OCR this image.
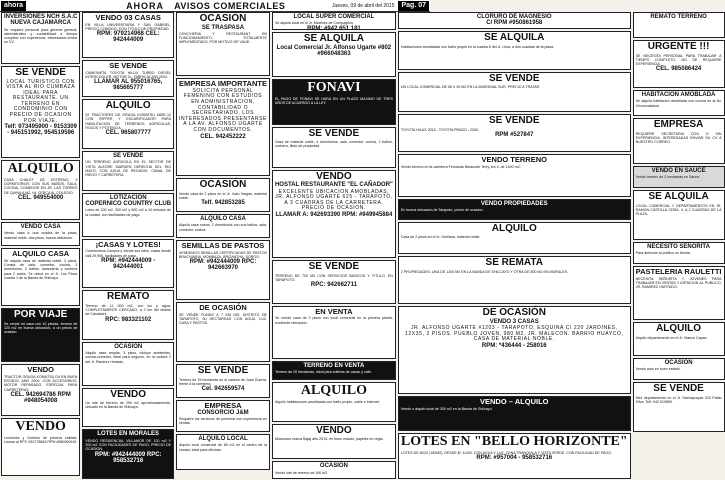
ahora	AHORA AVISOS COMERCIALES	Jueves, 09 de abril del 2015	Pag. 07
INVERSIONES NCH S.A.C
NUEVA CAJAMARCA
Se requiere personal para gerente general, administrativo y contabilidad a tiempo completo con experiencia, interesados enviar su CV.
SE VENDE
LOCAL TURISTICO CON VISTA AL RIO CUMBAZA IDEAL PARA RESTAURANTE. UN TERRENO EN CONDOMINIO CON PRECIO DE OCASION POR VIAJE.
Telf: 973495900 - 9153309 - 945151992, 954519596
ALQUILO
CASA CHALET DE ESTRENO, 3 DORMITORIOS CON SUS BAÑOS, SALA, COCINA, COMEDOR EN JR. LAS TORRES DE QUINILA MZ. HL CERCA AL COLEGIO.
CEL. 949554000
VENDO CASA
Vendo casa a una cuadra de la plaza, material noble, dos pisos, buena ubicacion.
ALQUILO CASA
Se alquila casa de material noble, 2 pisos. Consta de sala, comedor, cocina, 3 dormitorios, 2 baños, lavanderia y cochera para 2 autos. Se ubica en el Jr. Los Pinos cuadra 1 de la Banda de Shilcayo.
POR VIAJE
Se vende mi casa con 10 piezas, terreno de 120 m2 en buena ubicacion, a un precio de ocasion.
VENDO
TRACTOR ORUGA KOMATSU D4 EN BUEN ESTADO, ANO 2009, CON ACCESORIOS, MOTOR REPARADO. ESPECIAL PARA CARRETERAS.
CEL. 942694786 RPM #948054008
VENDO
Lechones y Gorritos de primera calidad. Llamar al RPC 991778863 RPM #980060915
VENDO 03 CASAS
EN VILLA UNIVERSITARIA Y SAN GABRIEL, PRECIO COMODO, CON TITULO DE PROPIEDAD.
RPM: 979214968 CEL: 942444009
SE VENDE
CAMIONETA TOYOTA HILUX TURBO DIESEL INTERCOOLER, MOTOR 3L, FABRICACION 2003.
LLAMAR AL 955016765, 985665777
ALQUILO
02 TRACTORES DE ORUGA KOMATSU D65E-12 CON RIPPER Y ESCARIFICADOR PARA HABILITACION DE TERRENOS AGRICOLAS, ROZOS Y POTENCIA.
CEL. 965807777
SE VENDE
UN TERRENO AGRICOLA EN EL SECTOR DE VISTA ALEGRE MARGEN DERECHA DEL RIO MAYO, CON AGUA DE REGADIO, CANAL DE RIEGO Y CARRETERA.
LOTIZACION
COPERNICO COUNTRY CLUB
Lotes de 200 m2, 300 m2 y 500 m2 a 10 minutos de la ciudad, con facilidades de pago.
¡CASAS Y LOTES!
Construimos Compra y Vende sus lotes, casas desde us$ 29,900, facilidades de pago.
RPM: #942444009 - 942444001
REMATO
Terreno de 11 000 m2, con luz y agua, COMPLETAMENTE CERCADO, a 2 km del distrito de Cacatachi.
RPC: 983321102
OCASION
Alquilo casa amplia, 3 pisos, incluye ambientes, cocina-comedor, ideal para negocio, en la cuadra 2 del Jr. Ramirez Hurtado.
VENDO
Un lote de terreno de 290 m2 aproximadamente, ubicado en la Banda de Shilcayo.
LOTES EN MORALES
VENDO RESIDENCIAL VILLAMOR DE 120 m2 Y 200 m2 CON FACILIDADES DE PAGO, PRECIO DE OCASION.
RPM: #942444009 RPC: 958532716
OCASIÓN
SE TRASPASA
CEVICHERIA Y RESTAURANT EN FUNCIONAMIENTO, TOTALMENTE IMPLEMENTADO, POR MOTIVO DE VIAJE.
EMPRESA IMPORTANTE
SOLICITA PERSONAL FEMENINO CON ESTUDIOS EN ADMINISTRACION, CONTABILIDAD O SECRETARIADO. LOS INTERESADOS PRESENTARSE A LA AV. ALFONSO UGARTE CON DOCUMENTOS.
CEL. 942452222
OCASIÓN
Vendo casa de 2 pisos en el Jr. Juan Vargas, material noble.
Telf. 942853285
ALQUILO CASA
Alquilo casa nueva, 2 dormitorios con sus baños, sala, comedor, cocina.
SEMILLAS DE PASTOS
VENDEMOS SEMILLAS CERTIFICADAS DE PASTOS BRACHIARIA, MOMBAZA, BRIZANTHA, SORGO.
RPM: #942444009 RPC: 942663970
DE OCASIÓN
SE VENDE FUNDO A 7 KM DEL DISTRITO DE TARAPOTO, 50 HECTAREAS CON AGUA, LUZ, CASA Y PASTOS.
SE VENDE
Terreno de 15 hectareas en el caserio de Juan Guerra, frente a la carretera.
Cel. 942659574
EMPRESA
CONSORCIO J&M
Requiere los servicios de personal con experiencia en ventas.
ALQUILO LOCAL
Alquilo local comercial de 80 m2 en el centro de la ciudad, ideal para oficinas.
LOCAL SUPER COMERCIAL
Se alquila local en el Jr. Martinez de Compagñon.
RPM: #942 651 181
SE ALQUILA
Local Comercial Jr. Alfonso Ugarte #802
#966048363
FONAVI
EL PAGO DE FONAVI SE HARA EN UN PLAZO MAXIMO DE TRES AÑOS DE ACUERDO A LA LEY.
SE VENDE
Casa de material noble, 4 dormitorios, sala, comedor, cocina, 2 baños, cochera, titulo de propiedad.
VENDO
HOSTAL RESTAURANTE "EL CAÑADOR"
EXCELENTE UBICACION AMOBLADAS, JR. ALFONSO UGARTE 625 - TARAPOTO, A 3 CUADRAS DE LA CARRETERA. PRECIO DE OCASION.
LLAMAR A: 942693390 RPM: #949945884
SE VENDE
TERRENO DE 700 M2 CON SERVICIOS BASICOS Y TITULO, EN TARAPOTO.
RPC: 942662711
EN VENTA
Se vende casa de 2 pisos con local comercial en la primera planta, excelente ubicacion.
TERRENO EN VENTA
Terreno de 20 hectareas, ideal para cultivos de cacao y cafe.
ALQUILO
Alquilo habitaciones amobladas con baño propio, cable e internet.
VENDO
Motocarro marca Bajaj año 2014, en buen estado, papeles en regla.
OCASIÓN
Vendo lote de terreno de 160 m2.
CLORURO DE MAGNESIO
C/ RPM #950861958
SE ALQUILA
Habitaciones amobladas con baño propio en la cuadra 6 del Jr. Lima, a dos cuadras de la plaza.
SE VENDE
UN LOCAL COMERCIAL DE 08 X 30 M2 EN LA MARGINAL SUR, PRECIO A TRATAR.
SE VENDE
TOYOTA HILUX 2010 - TOYOTA PRADO - 2000.
RPM #527847
VENDO TERRENO
Vendo terreno en la carretera Fernando Belaunde Terry, km 4, de 1400 m2.
VENDO PROPIEDADES
En buena ubicacion de Tarapoto, precio de ocasion.
ALQUILO
Casa de 2 pisos en el Jr. Orellana, material noble.
SE REMATA
2 PROPIEDADES: UNA DE 1200 M2 EN LA BANDA DE SHILCAYO Y OTRA DE 800 M2 EN MORALES.
DE OCASIÓN
VENDO 3 CASAS
JR. ALFONSO UGARTE #1203 - TARAPOTO, ESQUINA C/ 220 JARDINES, 12X35, 2 PISOS. PUEBLO JOVEN, 980 M2. JR. MALECON. BARRIO HUAYCO, CASA DE MATERIAL NOBLE.
RPM: *436444 - 258016
VENDO – ALQUILO
Vendo o alquilo local de 300 m2 en la Banda de Shilcayo.
LOTES EN "BELLO HORIZONTE"
LOTES DE 8X20 (160M2), DESDE $/. 6,000, CON AGUA Y LUZ, ZONA TRANQUILA Y VISTA VERDE. CON FACILIDAD DE PAGO.
RPM: #957004 - 958532716
REMATO TERRENO
URGENTE !!!
SE NECESITA PERSONAL PARA TRABAJAR A TIEMPO COMPLETO, NO SE REQUIERE EXPERIENCIA.
CEL. 985086424
HABITACION AMOBLADA
Se alquila habitacion amoblada con cocina en la Av. Circunvalacion.
EMPRESA
REQUIERE SECRETARIA CON O SIN EXPERIENCIA, INTERESADAS ENVIAR SU CV A NUESTRO CORREO.
VENDO EN SAUCE
Vendo terreno de 2 hectareas en Sauce.
SE ALQUILA
LOCAL COMERCIAL Y DEPARTAMENTOS EN JR. RAMON CASTILLA CDRA. 4, A 2 CUADRAS DE LA PLAZA.
NECESITO SEÑORITA
Para atencion al publico en tienda.
PASTELERIA RAULETTI
NECESITA SEÑORITA Y JOVENES PARA TRABAJAR EN VENTAS Y ATENCION AL PUBLICO, JR. RAMIREZ HURTADO.
ALQUILO
Alquilo departamento en el Jr. Manco Capac.
OCASIÓN
Vendo auto en buen estado.
SE VENDE
Mini departamento en el Jr. Sachapuquio 315 Pablo Silva. Telf: 942 519890.
